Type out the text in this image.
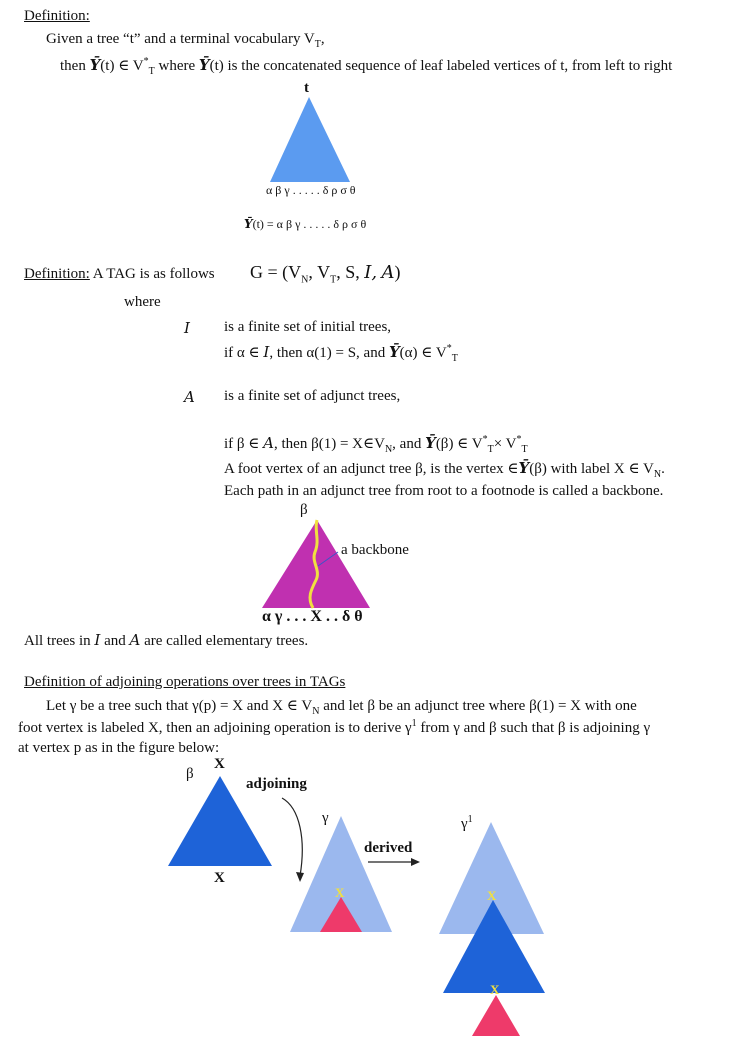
Definition:
Given a tree “t” and a terminal vocabulary $V_T$,
then Ȳ(t) ∈ $V^*_T$ where Ȳ(t) is the concatenated sequence of leaf labeled vertices of t, from left to right
t
α β γ . . . . . δ ρ σ θ
Ȳ(t) = α β γ . . . . . δ ρ σ θ
Definition: A TAG is as follows $G = (V_N$, $V_T$, S, I, A)
where
I is a finite set of initial trees,
if α ∈ I, then α(1) = S, and Ȳ(α) ∈ $V^*_T$
A is a finite set of adjunct trees,
if β ∈ A, then $\beta(1) = X\in V_N$, and Ȳ(β) ∈ $V^*_T\times V^*_T$
A foot vertex of an adjunct tree β, is the vertex ∈Ȳ(β) with label X ∈ $V_N$.
Each path in an adjunct tree from root to a footnode is called a backbone.
β
a backbone
α γ . . . X . . δ θ
All trees in I and A are called elementary trees.
Definition of adjoining operations over trees in TAGs
Let γ be a tree such that γ(p) = X and X ∈ $V_N$ and let β be an adjunct tree where β(1) = X with one
foot vertex is labeled X, then an adjoining operation is to derive $\gamma^1$ from γ and β such that β is adjoining γ
at vertex p as in the figure below:
β
X
X
adjoining
γ
derived
$\gamma^1$
X	X
X
